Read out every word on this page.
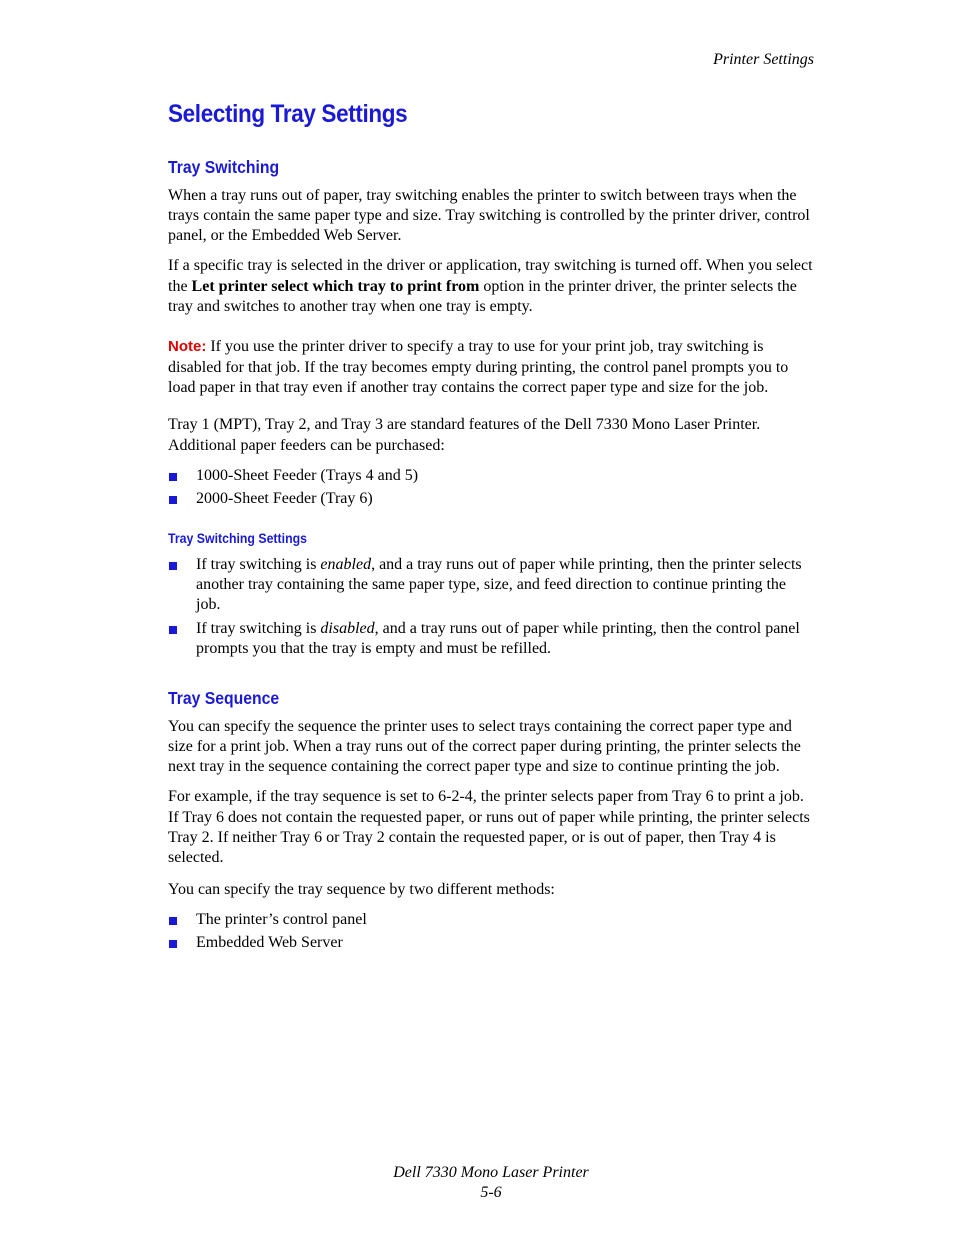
Printer Settings
Selecting Tray Settings
Tray Switching

When a tray runs out of paper, tray switching enables the printer to switch between trays when the trays contain the same paper type and size. Tray switching is controlled by the printer driver, control panel, or the Embedded Web Server.

If a specific tray is selected in the driver or application, tray switching is turned off. When you select the Let printer select which tray to print from option in the printer driver, the printer selects the tray and switches to another tray when one tray is empty.

Note: If you use the printer driver to specify a tray to use for your print job, tray switching is disabled for that job. If the tray becomes empty during printing, the control panel prompts you to load paper in that tray even if another tray contains the correct paper type and size for the job.

Tray 1 (MPT), Tray 2, and Tray 3 are standard features of the Dell 7330 Mono Laser Printer. Additional paper feeders can be purchased:

1000-Sheet Feeder (Trays 4 and 5)
2000-Sheet Feeder (Tray 6)
Tray Switching Settings
If tray switching is enabled, and a tray runs out of paper while printing, then the printer selects another tray containing the same paper type, size, and feed direction to continue printing the job.
If tray switching is disabled, and a tray runs out of paper while printing, then the control panel prompts you that the tray is empty and must be refilled.
Tray Sequence

You can specify the sequence the printer uses to select trays containing the correct paper type and size for a print job. When a tray runs out of the correct paper during printing, the printer selects the next tray in the sequence containing the correct paper type and size to continue printing the job.

For example, if the tray sequence is set to 6-2-4, the printer selects paper from Tray 6 to print a job. If Tray 6 does not contain the requested paper, or runs out of paper while printing, the printer selects Tray 2. If neither Tray 6 or Tray 2 contain the requested paper, or is out of paper, then Tray 4 is selected.

You can specify the tray sequence by two different methods:

The printer’s control panel
Embedded Web Server
Dell 7330 Mono Laser Printer
5-6
